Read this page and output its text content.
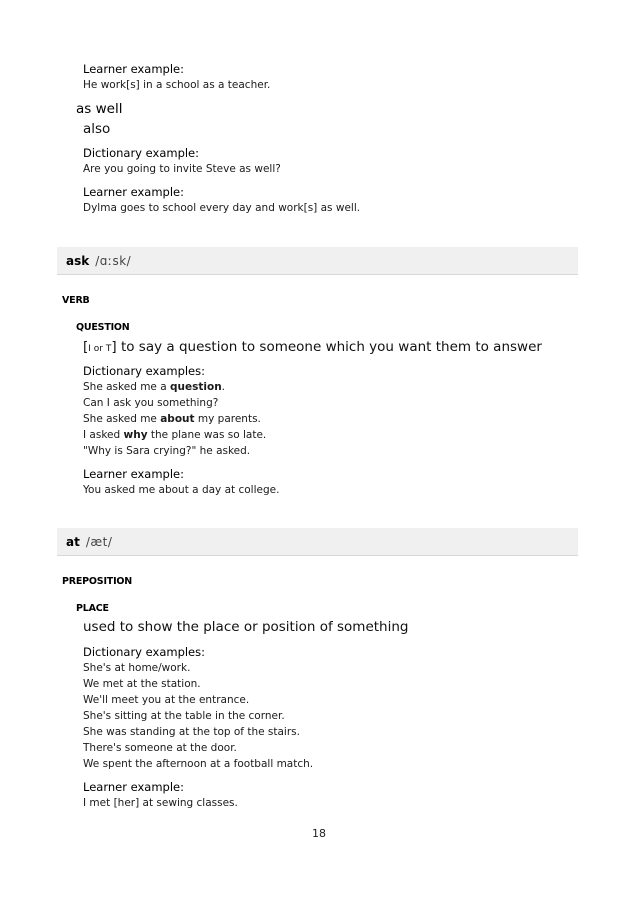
Learner example:
He work[s] in a school as a teacher.
as well
also
Dictionary example:
Are you going to invite Steve as well?
Learner example:
Dylma goes to school every day and work[s] as well.
ask /ɑːsk/
VERB
QUESTION
[I or T] to say a question to someone which you want them to answer
Dictionary examples:
She asked me a question.
Can I ask you something?
She asked me about my parents.
I asked why the plane was so late.
"Why is Sara crying?" he asked.
Learner example:
You asked me about a day at college.
at /æt/
PREPOSITION
PLACE
used to show the place or position of something
Dictionary examples:
She's at home/work.
We met at the station.
We'll meet you at the entrance.
She's sitting at the table in the corner.
She was standing at the top of the stairs.
There's someone at the door.
We spent the afternoon at a football match.
Learner example:
I met [her] at sewing classes.
18
